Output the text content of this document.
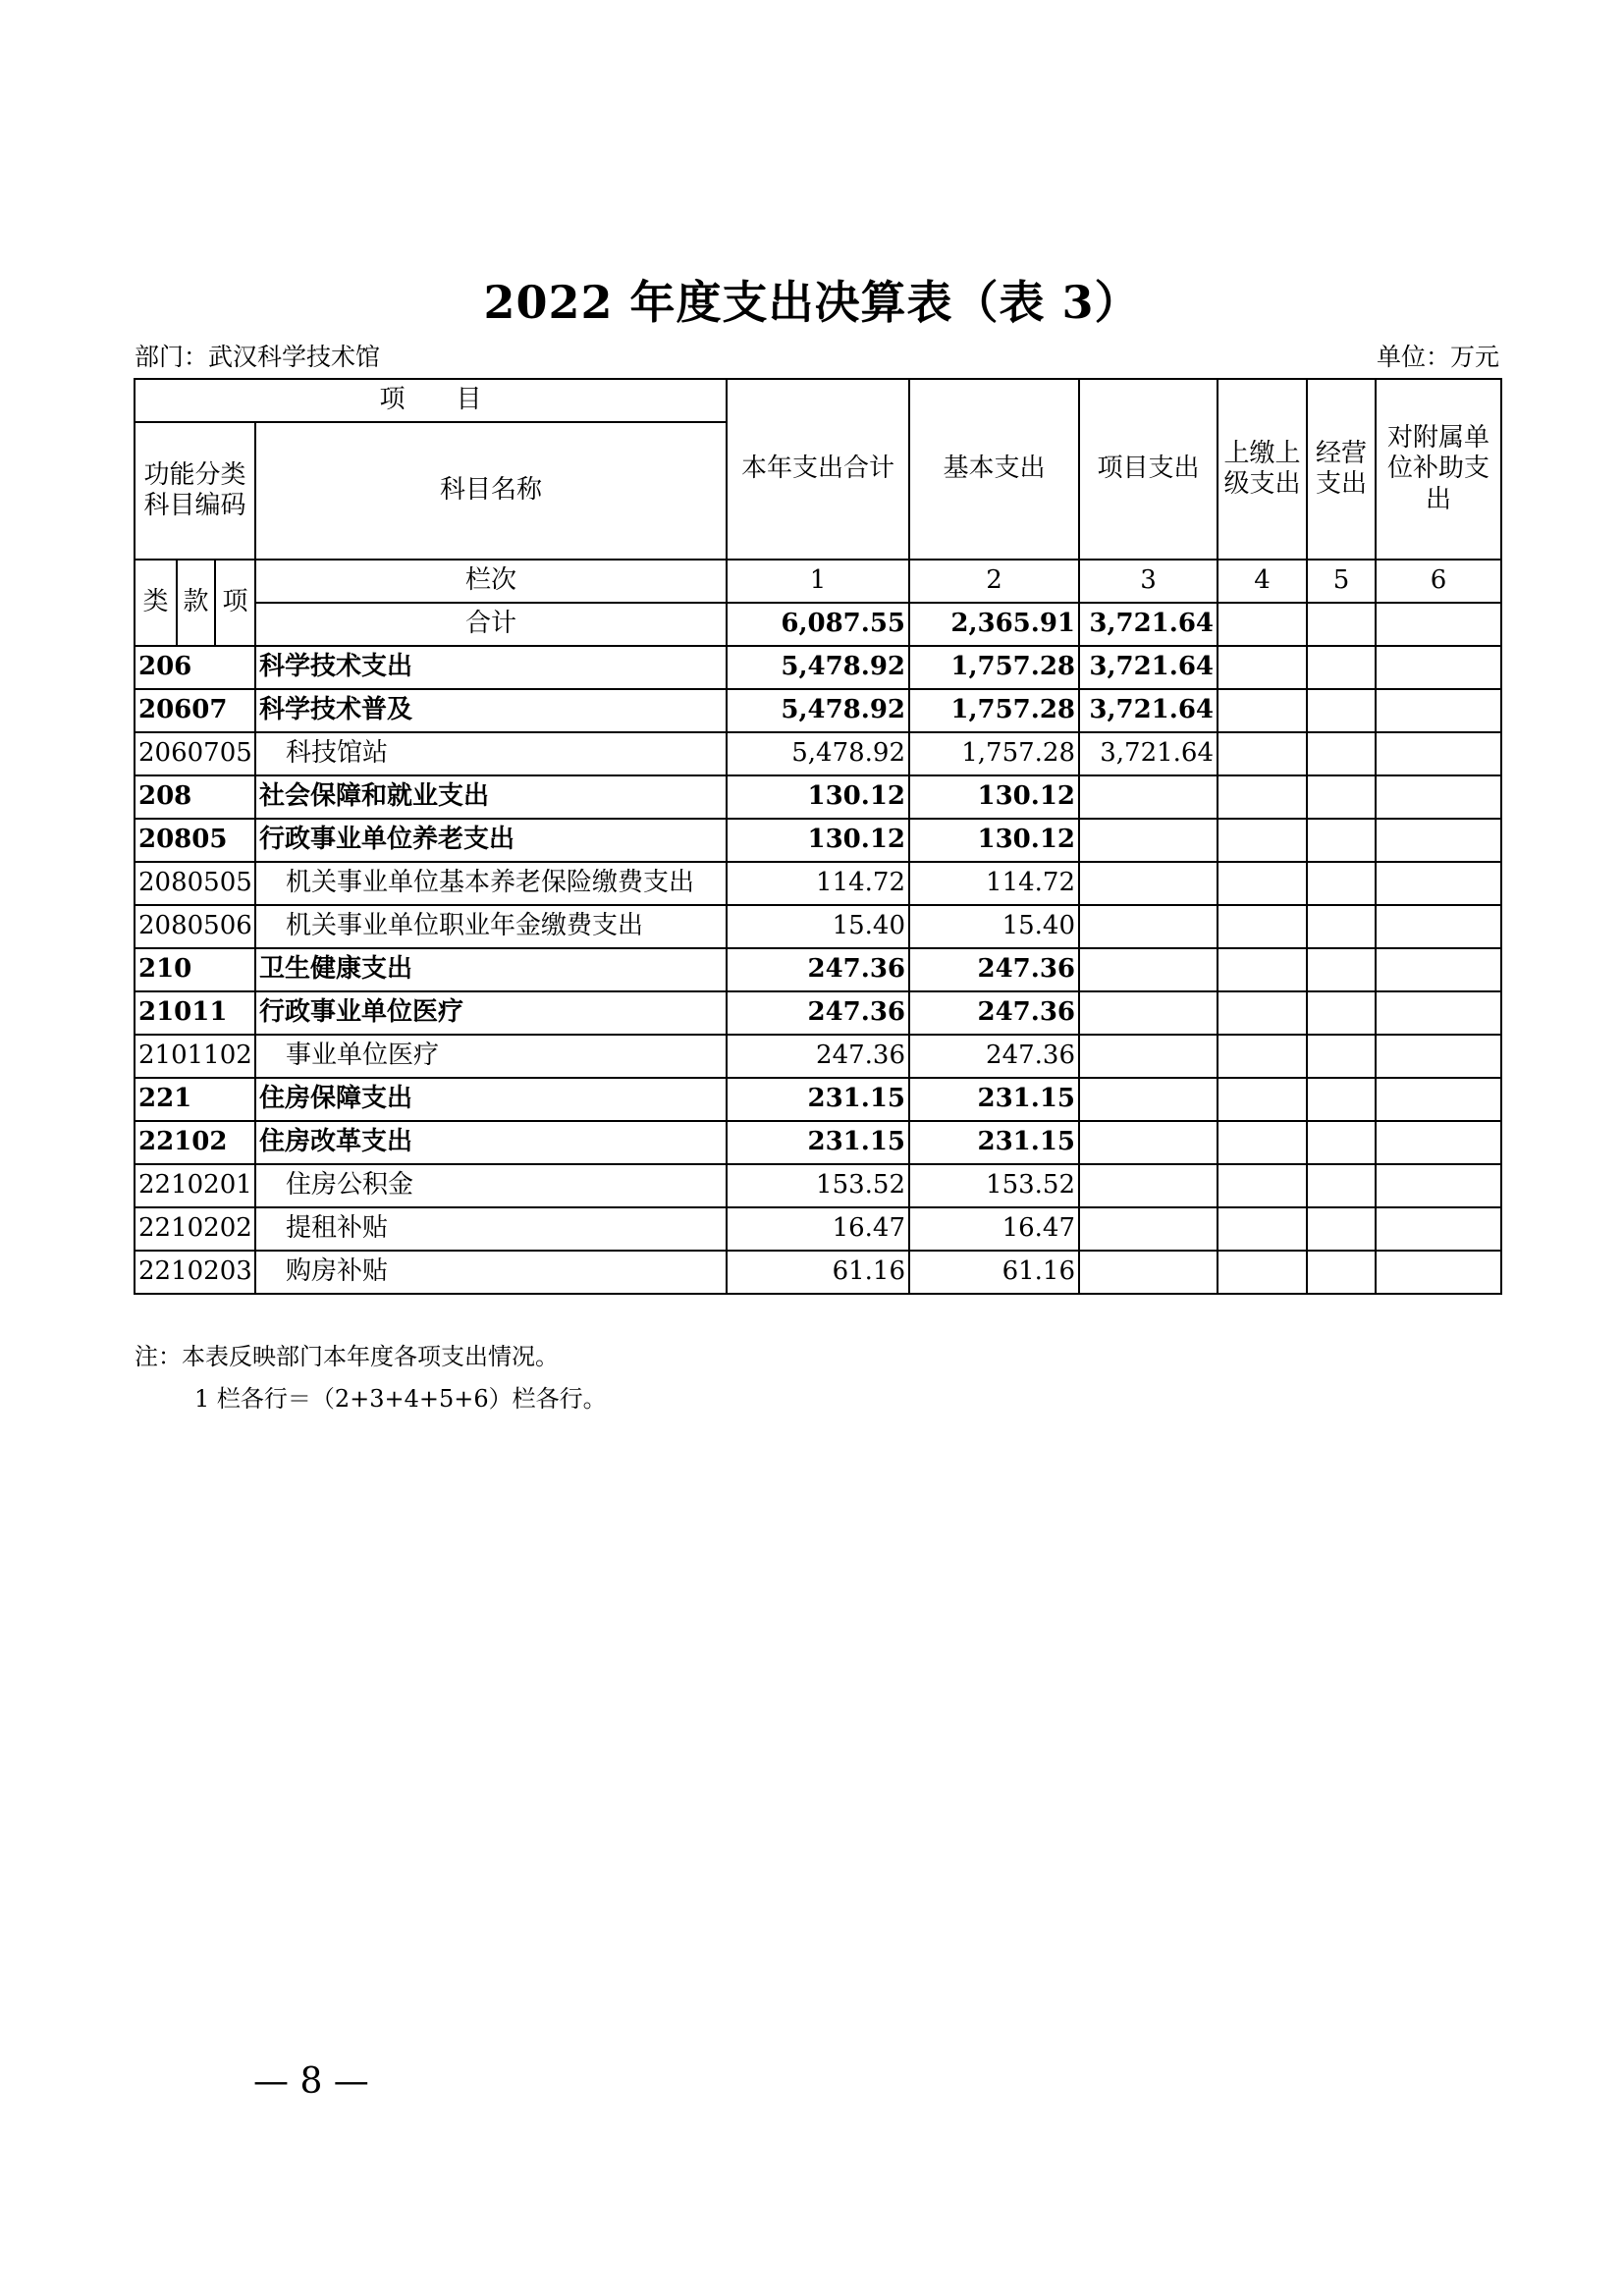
2022 年度支出决算表（表 3）
部门：武汉科学技术馆	单位：万元
项　　目				本年支出合计	基本支出	项目支出	上缴上级支出	经营支出	对附属单位补助支出
功能分类科目编码			科目名称						
类	款	项	栏次	1	2	3	4	5	6
			合计	6,087.55	2,365.91	3,721.64			
206			科学技术支出	5,478.92	1,757.28	3,721.64			
20607			科学技术普及	5,478.92	1,757.28	3,721.64			
2060705			科技馆站	5,478.92	1,757.28	3,721.64			
208			社会保障和就业支出	130.12	130.12				
20805			行政事业单位养老支出	130.12	130.12				
2080505			机关事业单位基本养老保险缴费支出	114.72	114.72				
2080506			机关事业单位职业年金缴费支出	15.40	15.40				
210			卫生健康支出	247.36	247.36				
21011			行政事业单位医疗	247.36	247.36				
2101102			事业单位医疗	247.36	247.36				
221			住房保障支出	231.15	231.15				
22102			住房改革支出	231.15	231.15				
2210201			住房公积金	153.52	153.52				
2210202			提租补贴	16.47	16.47				
2210203			购房补贴	61.16	61.16				
注：本表反映部门本年度各项支出情况。
1 栏各行＝（2+3+4+5+6）栏各行。
— 8 —
